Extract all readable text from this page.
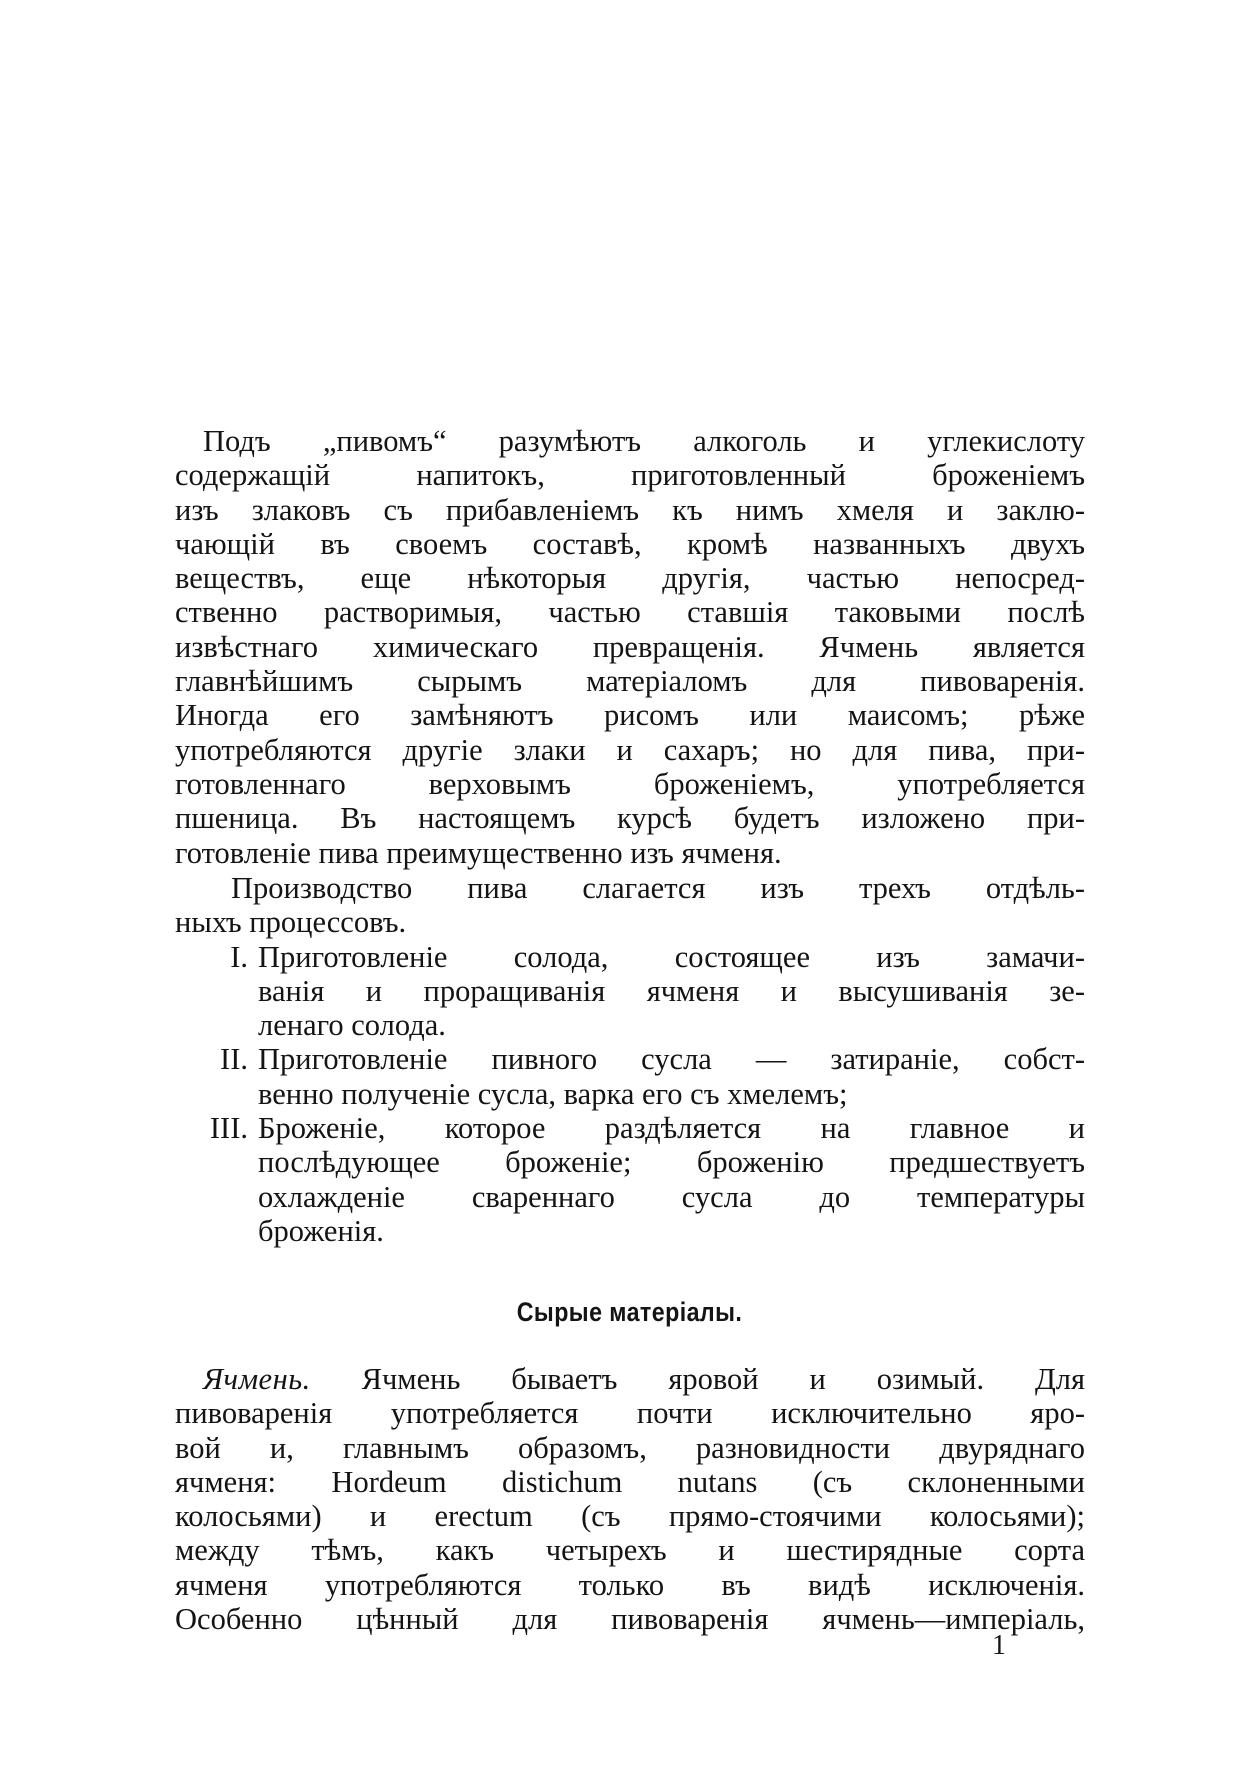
Подъ „пивомъ“ разумѣютъ алкоголь и углекислоту
содержащій напитокъ, приготовленный броженіемъ
изъ злаковъ съ прибавленіемъ къ нимъ хмеля и заклю-
чающій въ своемъ составѣ, кромѣ названныхъ двухъ
веществъ, еще нѣкоторыя другія, частью непосред-
ственно растворимыя, частью ставшія таковыми послѣ
извѣстнаго химическаго превращенія. Ячмень является
главнѣйшимъ сырымъ матеріаломъ для пивоваренія.
Иногда его замѣняютъ рисомъ или маисомъ; рѣже
употребляются другіе злаки и сахаръ; но для пива, при-
готовленнаго верховымъ броженіемъ, употребляется
пшеница. Въ настоящемъ курсѣ будетъ изложено при-
готовленіе пива преимущественно изъ ячменя.
Производство пива слагается изъ трехъ отдѣль-
ныхъ процессовъ.
I. Приготовленіе солода, состоящее изъ замачи-
ванія и проращиванія ячменя и высушиванія зе-
ленаго солода.
II. Приготовленіе пивного сусла — затираніе, собст-
венно полученіе сусла, варка его съ хмелемъ;
III. Броженіе, которое раздѣляется на главное и
послѣдующее броженіе; броженію предшествуетъ
охлажденіе свареннаго сусла до температуры
броженія.
Сырые матеріалы.
Ячмень. Ячмень бываетъ яровой и озимый. Для
пивоваренія употребляется почти исключительно яро-
вой и, главнымъ образомъ, разновидности двуряднаго
ячменя: Hordeum distichum nutans (съ склоненными
колосьями) и erectum (съ прямо-стоячими колосьями);
между тѣмъ, какъ четырехъ и шестирядные сорта
ячменя употребляются только въ видѣ исключенія.
Особенно цѣнный для пивоваренія ячмень—имперіаль,
1
